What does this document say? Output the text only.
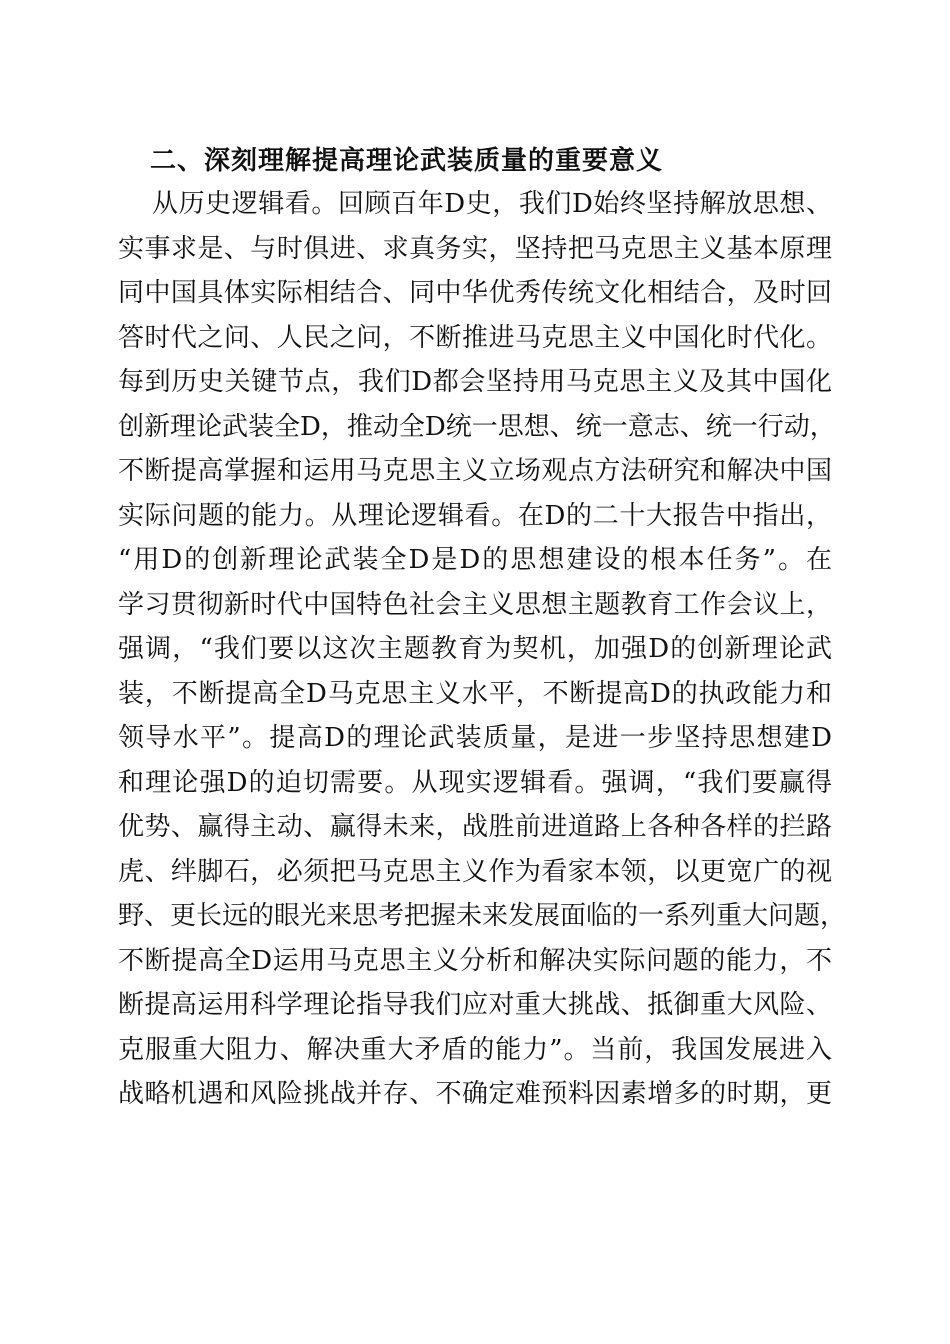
二、深刻理解提高理论武装质量的重要意义
从历史逻辑看。回顾百年D史，我们D始终坚持解放思想、
实事求是、与时俱进、求真务实，坚持把马克思主义基本原理
同中国具体实际相结合、同中华优秀传统文化相结合，及时回
答时代之问、人民之问，不断推进马克思主义中国化时代化。
每到历史关键节点，我们D都会坚持用马克思主义及其中国化
创新理论武装全D，推动全D统一思想、统一意志、统一行动，
不断提高掌握和运用马克思主义立场观点方法研究和解决中国
实际问题的能力。从理论逻辑看。在D的二十大报告中指出，
“用D的创新理论武装全D是D的思想建设的根本任务”。在
学习贯彻新时代中国特色社会主义思想主题教育工作会议上，
强调，“我们要以这次主题教育为契机，加强D的创新理论武
装，不断提高全D马克思主义水平，不断提高D的执政能力和
领导水平”。提高D的理论武装质量，是进一步坚持思想建D
和理论强D的迫切需要。从现实逻辑看。强调，“我们要赢得
优势、赢得主动、赢得未来，战胜前进道路上各种各样的拦路
虎、绊脚石，必须把马克思主义作为看家本领，以更宽广的视
野、更长远的眼光来思考把握未来发展面临的一系列重大问题，
不断提高全D运用马克思主义分析和解决实际问题的能力，不
断提高运用科学理论指导我们应对重大挑战、抵御重大风险、
克服重大阻力、解决重大矛盾的能力”。当前，我国发展进入
战略机遇和风险挑战并存、不确定难预料因素增多的时期，更
